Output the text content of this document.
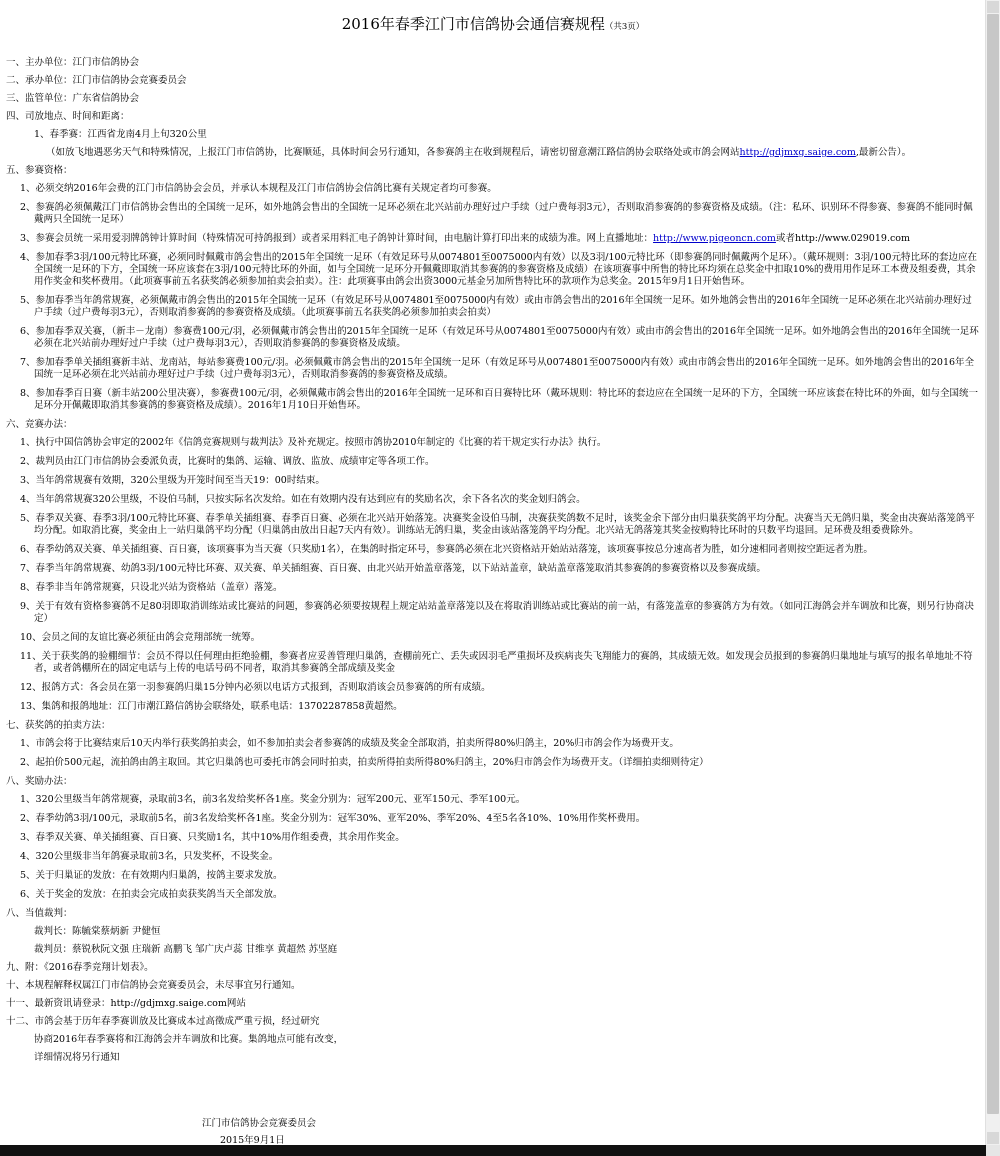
2016年春季江门市信鸽协会通信赛规程（共3页）
一、主办单位：江门市信鸽协会
二、承办单位：江门市信鸽协会竞赛委员会
三、监管单位：广东省信鸽协会
四、司放地点、时间和距离：
1、春季赛：江西省龙南4月上旬320公里
（如放飞地遇恶劣天气和特殊情况，上报江门市信鸽协，比赛顺延，具体时间会另行通知，各参赛鸽主在收到规程后，请密切留意潮江路信鸽协会联络处或市鸽会网站http://gdjmxg.saige.com,最新公告）。
五、参赛资格：
1、必须交纳2016年会费的江门市信鸽协会会员，并承认本规程及江门市信鸽协会信鸽比赛有关规定者均可参赛。
2、参赛鸽必须佩戴江门市信鸽协会售出的全国统一足环，如外地鸽会售出的全国统一足环必须在北兴站前办理好过户手续（过户费每羽3元），否则取消参赛鸽的参赛资格及成绩。（注：私环、识别环不得参赛、参赛鸽不能同时佩戴两只全国统一足环）
3、参赛会员统一采用爱羽牌鸽钟计算时间（特殊情况可持鸽报到）或者采用料汇电子鸽钟计算时间，由电脑计算打印出来的成绩为准。网上直播地址：http://www.pigeoncn.com或者http://www.029019.com
4、参加春季3羽/100元特比环赛，必须同时佩戴市鸽会售出的2015年全国统一足环（有效足环号从0074801至0075000内有效）以及3羽/100元特比环（即参赛鸽同时佩戴两个足环）。（戴环规则：3羽/100元特比环的套边应在全国统一足环的下方，全国统一环应该套在3羽/100元特比环的外面，如与全国统一足环分开佩戴即取消其参赛鸽的参赛资格及成绩）在该项赛事中所售的特比环均须在总奖金中扣取10%的费用用作足环工本费及组委费，其余用作奖金和奖杯费用。（此项赛事前五名获奖鸽必须参加拍卖会拍卖）。注：此项赛事由鸽会出资3000元基金另加所售特比环的款项作为总奖金。2015年9月1日开始售环。
5、参加春季当年鸽常规赛，必须佩戴市鸽会售出的2015年全国统一足环（有效足环号从0074801至0075000内有效）或由市鸽会售出的2016年全国统一足环。如外地鸽会售出的2016年全国统一足环必须在北兴站前办理好过户手续（过户费每羽3元），否则取消参赛鸽的参赛资格及成绩。（此项赛事前五名获奖鸽必须参加拍卖会拍卖）
6、参加春季双关赛，（新丰－龙南）参赛费100元/羽，必须佩戴市鸽会售出的2015年全国统一足环（有效足环号从0074801至0075000内有效）或由市鸽会售出的2016年全国统一足环。如外地鸽会售出的2016年全国统一足环必须在北兴站前办理好过户手续（过户费每羽3元），否则取消参赛鸽的参赛资格及成绩。
7、参加春季单关插组赛新丰站、龙南站，每站参赛费100元/羽。必须佩戴市鸽会售出的2015年全国统一足环（有效足环号从0074801至0075000内有效）或由市鸽会售出的2016年全国统一足环。如外地鸽会售出的2016年全国统一足环必须在北兴站前办理好过户手续（过户费每羽3元），否则取消参赛鸽的参赛资格及成绩。
8、参加春季百日赛（新丰站200公里决赛），参赛费100元/羽，必须佩戴市鸽会售出的2016年全国统一足环和百日赛特比环（戴环规则：特比环的套边应在全国统一足环的下方，全国统一环应该套在特比环的外面，如与全国统一足环分开佩戴即取消其参赛鸽的参赛资格及成绩）。2016年1月10日开始售环。
六、竞赛办法：
1、执行中国信鸽协会审定的2002年《信鸽竞赛规则与裁判法》及补充规定。按照市鸽协2010年制定的《比赛的若干规定实行办法》执行。
2、裁判员由江门市信鸽协会委派负责，比赛时的集鸽、运输、调放、监放、成绩审定等各项工作。
3、当年鸽常规赛有效期，320公里级为开笼时间至当天19：00时结束。
4、当年鸽常规赛320公里级，不设伯马制，只按实际名次发给。如在有效期内没有达到应有的奖励名次，余下各名次的奖金划归鸽会。
5、春季双关赛、春季3羽/100元特比环赛、春季单关插组赛、春季百日赛、必须在北兴站开始落笼。决赛奖金设伯马制，决赛获奖鸽数不足时，该奖金余下部分由归巢获奖鸽平均分配。决赛当天无鸽归巢，奖金由决赛站落笼鸽平均分配。如取消比赛，奖金由上一站归巢鸽平均分配（归巢鸽由放出日起7天内有效）。训练站无鸽归巢，奖金由该站落笼鸽平均分配。北兴站无鸽落笼其奖金按购特比环时的只数平均退回。足环费及组委费除外。
6、春季幼鸽双关赛、单关插组赛、百日赛，该项赛事为当天赛（只奖励1名），在集鸽时指定环号，参赛鸽必须在北兴资格站开始站站落笼，该项赛事按总分速高者为胜，如分速相同者则按空距远者为胜。
7、春季当年鸽常规赛、幼鸽3羽/100元特比环赛、双关赛、单关插组赛、百日赛、由北兴站开始盖章落笼，以下站站盖章，缺站盖章落笼取消其参赛鸽的参赛资格以及参赛成绩。
8、春季非当年鸽常规赛，只设北兴站为资格站（盖章）落笼。
9、关于有效有资格参赛鸽不足80羽即取消训练站或比赛站的问题，参赛鸽必须要按规程上规定站站盖章落笼以及在将取消训练站或比赛站的前一站，有落笼盖章的参赛鸽方为有效。（如同江海鸽会并车调放和比赛，则另行协商决定）
10、会员之间的友谊比赛必须征由鸽会竞翔部统一统筹。
11、关于获奖鸽的验棚细节：会员不得以任何理由拒绝验棚，参赛者应妥善管理归巢鸽，查棚前死亡、丢失或因羽毛严重损坏及疾病丧失飞翔能力的赛鸽，其成绩无效。如发现会员报到的参赛鸽归巢地址与填写的报名单地址不符者，或者鸽棚所在的固定电话与上传的电话号码不同者，取消其参赛鸽全部成绩及奖金
12、报鸽方式：各会员在第一羽参赛鸽归巢15分钟内必须以电话方式报到，否则取消该会员参赛鸽的所有成绩。
13、集鸽和报鸽地址：江门市潮江路信鸽协会联络处，联系电话：13702287858黄超然。
七、获奖鸽的拍卖方法：
1、市鸽会将于比赛结束后10天内举行获奖鸽拍卖会，如不参加拍卖会者参赛鸽的成绩及奖金全部取消，拍卖所得80%归鸽主，20%归市鸽会作为场费开支。
2、起拍价500元起，流拍鸽由鸽主取回。其它归巢鸽也可委托市鸽会同时拍卖，拍卖所得拍卖所得80%归鸽主，20%归市鸽会作为场费开支。（详细拍卖细则待定）
八、奖励办法：
1、320公里级当年鸽常规赛，录取前3名，前3名发给奖杯各1座。奖金分别为：冠军200元、亚军150元、季军100元。
2、春季幼鸽3羽/100元，录取前5名，前3名发给奖杯各1座。奖金分别为：冠军30%、亚军20%、季军20%、4至5名各10%、10%用作奖杯费用。
3、春季双关赛、单关插组赛、百日赛、只奖励1名，其中10%用作组委费，其余用作奖金。
4、320公里级非当年鸽赛录取前3名，只发奖杯，不设奖金。
5、关于归巢证的发放：在有效期内归巢鸽，按鸽主要求发放。
6、关于奖金的发放：在拍卖会完成拍卖获奖鸽当天全部发放。
八、当值裁判：
裁判长：陈毓棠蔡炳新 尹健恒
裁判员：蔡锐秋阮文强 庄瑞新 高鹏飞 邹广庆卢蕊 甘维享 黄超然 苏坚庭
九、附：《2016春季竞翔计划表》。
十、本规程解释权属江门市信鸽协会竞赛委员会，未尽事宜另行通知。
十一、最新资讯请登录：http://gdjmxg.saige.com网站
十二、市鸽会基于历年春季赛训放及比赛成本过高徵成严重亏损，经过研究
协商2016年春季赛将和江海鸽会并车调放和比赛。集鸽地点可能有改变，
详细情况将另行通知
江门市信鸽协会竞赛委员会
2015年9月1日
